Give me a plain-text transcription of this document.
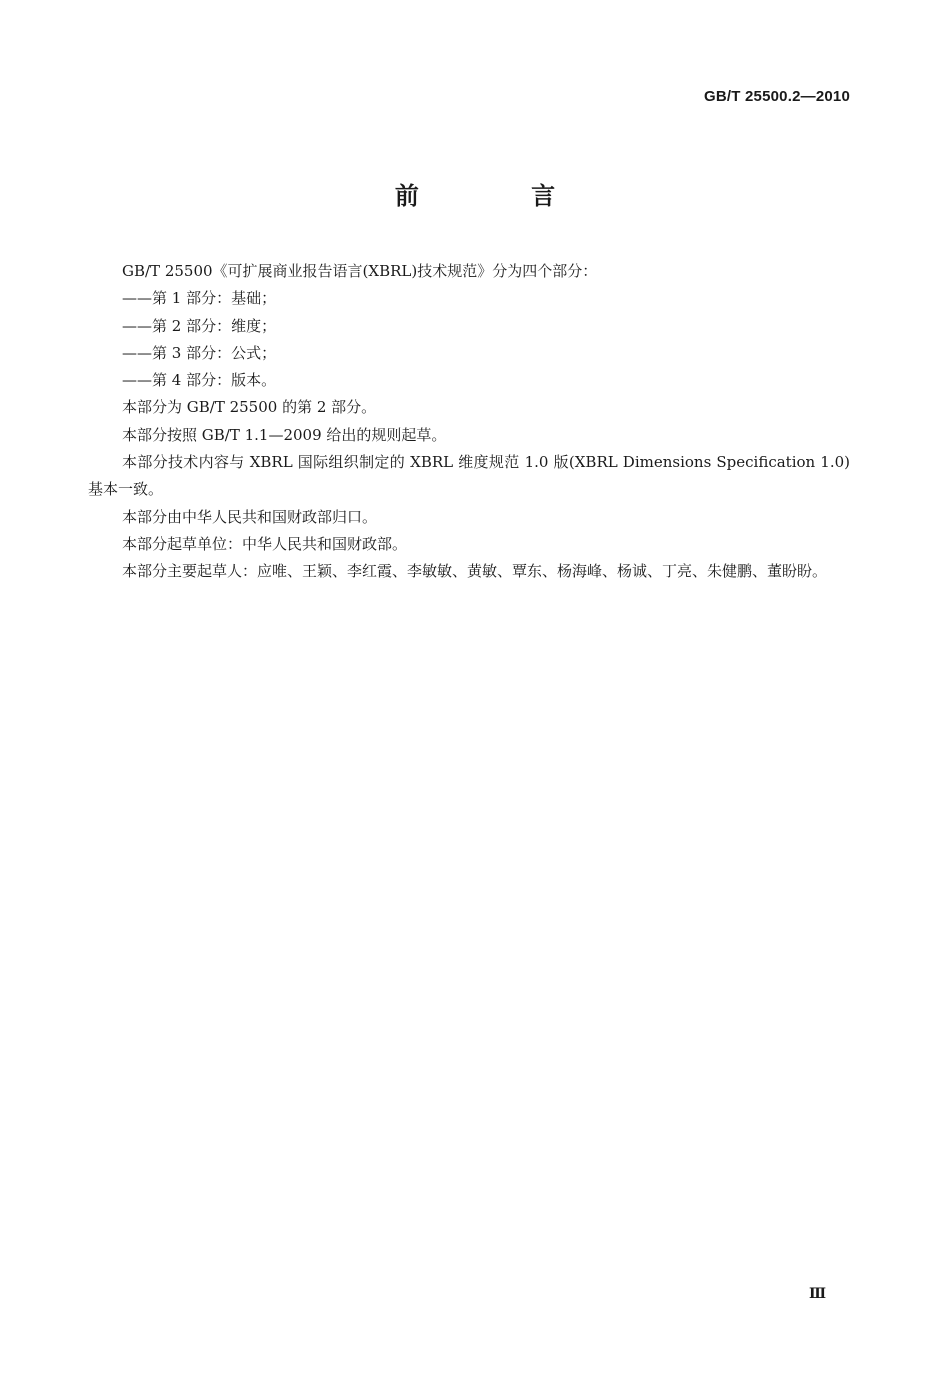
GB/T 25500.2—2010
前 言

GB/T 25500《可扩展商业报告语言(XBRL)技术规范》分为四个部分：

——第 1 部分：基础；

——第 2 部分：维度；

——第 3 部分：公式；

——第 4 部分：版本。

本部分为 GB/T 25500 的第 2 部分。

本部分按照 GB/T 1.1—2009 给出的规则起草。

本部分技术内容与 XBRL 国际组织制定的 XBRL 维度规范 1.0 版(XBRL Dimensions Specification 1.0)基本一致。

本部分由中华人民共和国财政部归口。

本部分起草单位：中华人民共和国财政部。

本部分主要起草人：应唯、王颖、李红霞、李敏敏、黄敏、覃东、杨海峰、杨诚、丁亮、朱健鹏、董盼盼。

Ⅲ
